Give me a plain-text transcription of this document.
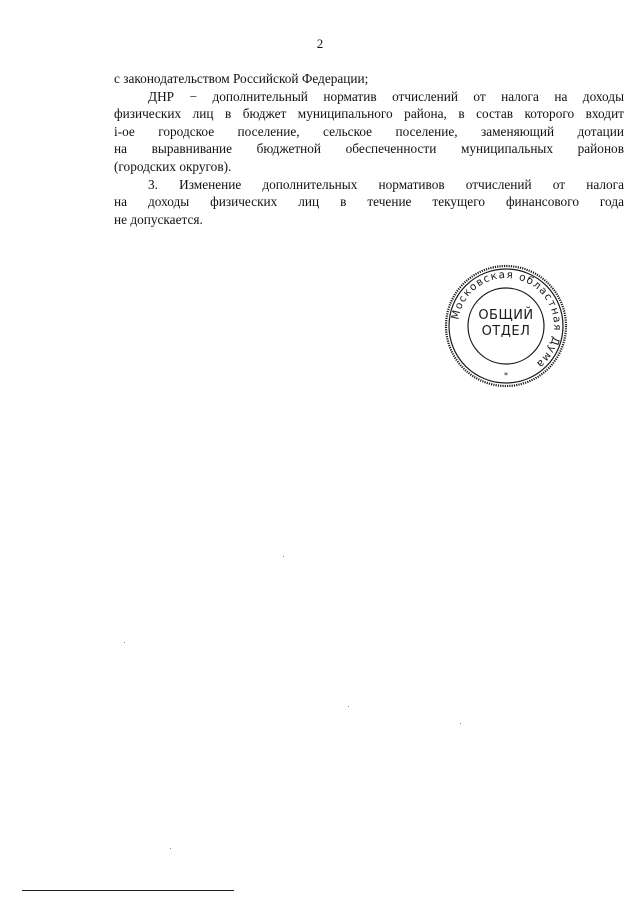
2
с законодательством Российской Федерации;
ДНР − дополнительный норматив отчислений от налога на доходы
физических лиц в бюджет муниципального района, в состав которого входит
i-ое городское поселение, сельское поселение, заменяющий дотации
на выравнивание бюджетной обеспеченности муниципальных районов
(городских округов).
3. Изменение дополнительных нормативов отчислений от налога
на доходы физических лиц в течение текущего финансового года
не допускается.
Московская областная Дума
*
ОБЩИЙ
ОТДЕЛ
